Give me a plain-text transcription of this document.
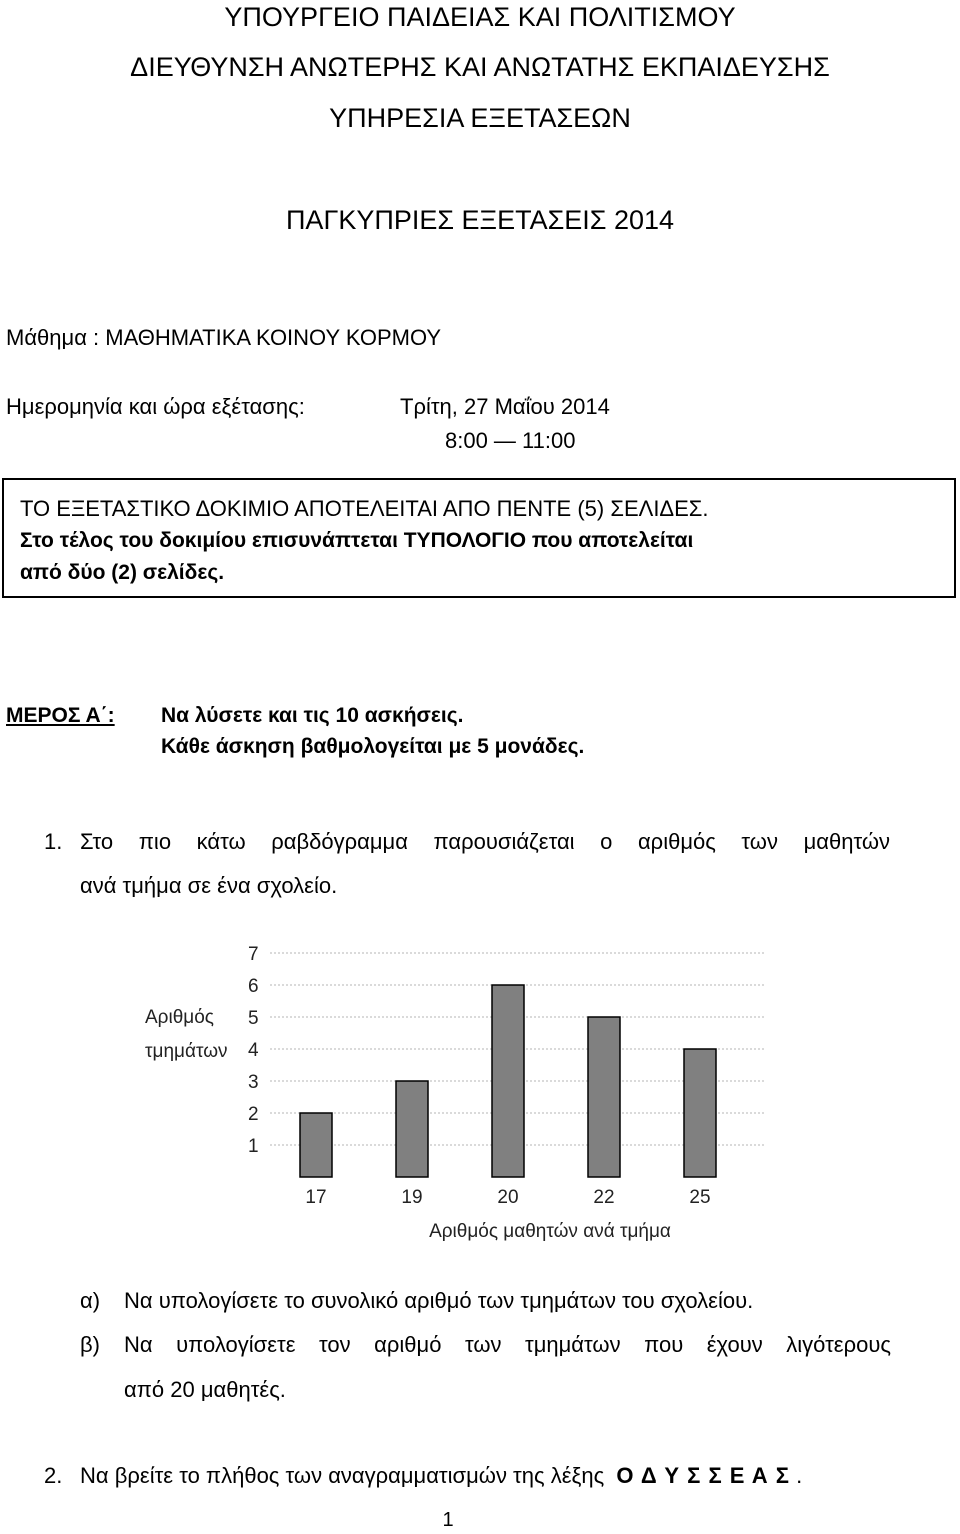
ΥΠΟΥΡΓΕΙΟ ΠΑΙΔΕΙΑΣ ΚΑΙ ΠΟΛΙΤΙΣΜΟΥ
ΔΙΕΥΘΥΝΣΗ ΑΝΩΤΕΡΗΣ ΚΑΙ ΑΝΩΤΑΤΗΣ ΕΚΠΑΙΔΕΥΣΗΣ
ΥΠΗΡΕΣΙΑ ΕΞΕΤΑΣΕΩΝ
ΠΑΓΚΥΠΡΙΕΣ ΕΞΕΤΑΣΕΙΣ 2014
Μάθημα : ΜΑΘΗΜΑΤΙΚΑ ΚΟΙΝΟΥ ΚΟΡΜΟΥ
Ημερομηνία και ώρα εξέτασης:	Τρίτη, 27 Μαΐου 2014
8:00 — 11:00
ΤΟ ΕΞΕΤΑΣΤΙΚΟ ΔΟΚΙΜΙΟ ΑΠΟΤΕΛΕΙΤΑΙ ΑΠΟ ΠΕΝΤΕ (5) ΣΕΛΙΔΕΣ.
Στο τέλος του δοκιμίου επισυνάπτεται ΤΥΠΟΛΟΓΙΟ που αποτελείται
από δύο (2) σελίδες.
ΜΕΡΟΣ Α΄: Να λύσετε και τις 10 ασκήσεις.
Κάθε άσκηση βαθμολογείται με 5 μονάδες.
1. Στο πιο κάτω ραβδόγραμμα παρουσιάζεται ο αριθμός των μαθητών
ανά τμήμα σε ένα σχολείο.
1
2
3
4
5
6
7
17	19	20	22	25
Αριθμός
τμημάτων
Αριθμός μαθητών ανά τμήμα
α) Να υπολογίσετε το συνολικό αριθμό των τμημάτων του σχολείου.
β) Να υπολογίσετε τον αριθμό των τμημάτων που έχουν λιγότερους
από 20 μαθητές.
2. Να βρείτε το πλήθος των αναγραμματισμών της λέξης Ο Δ Υ Σ Σ Ε Α Σ .
1
